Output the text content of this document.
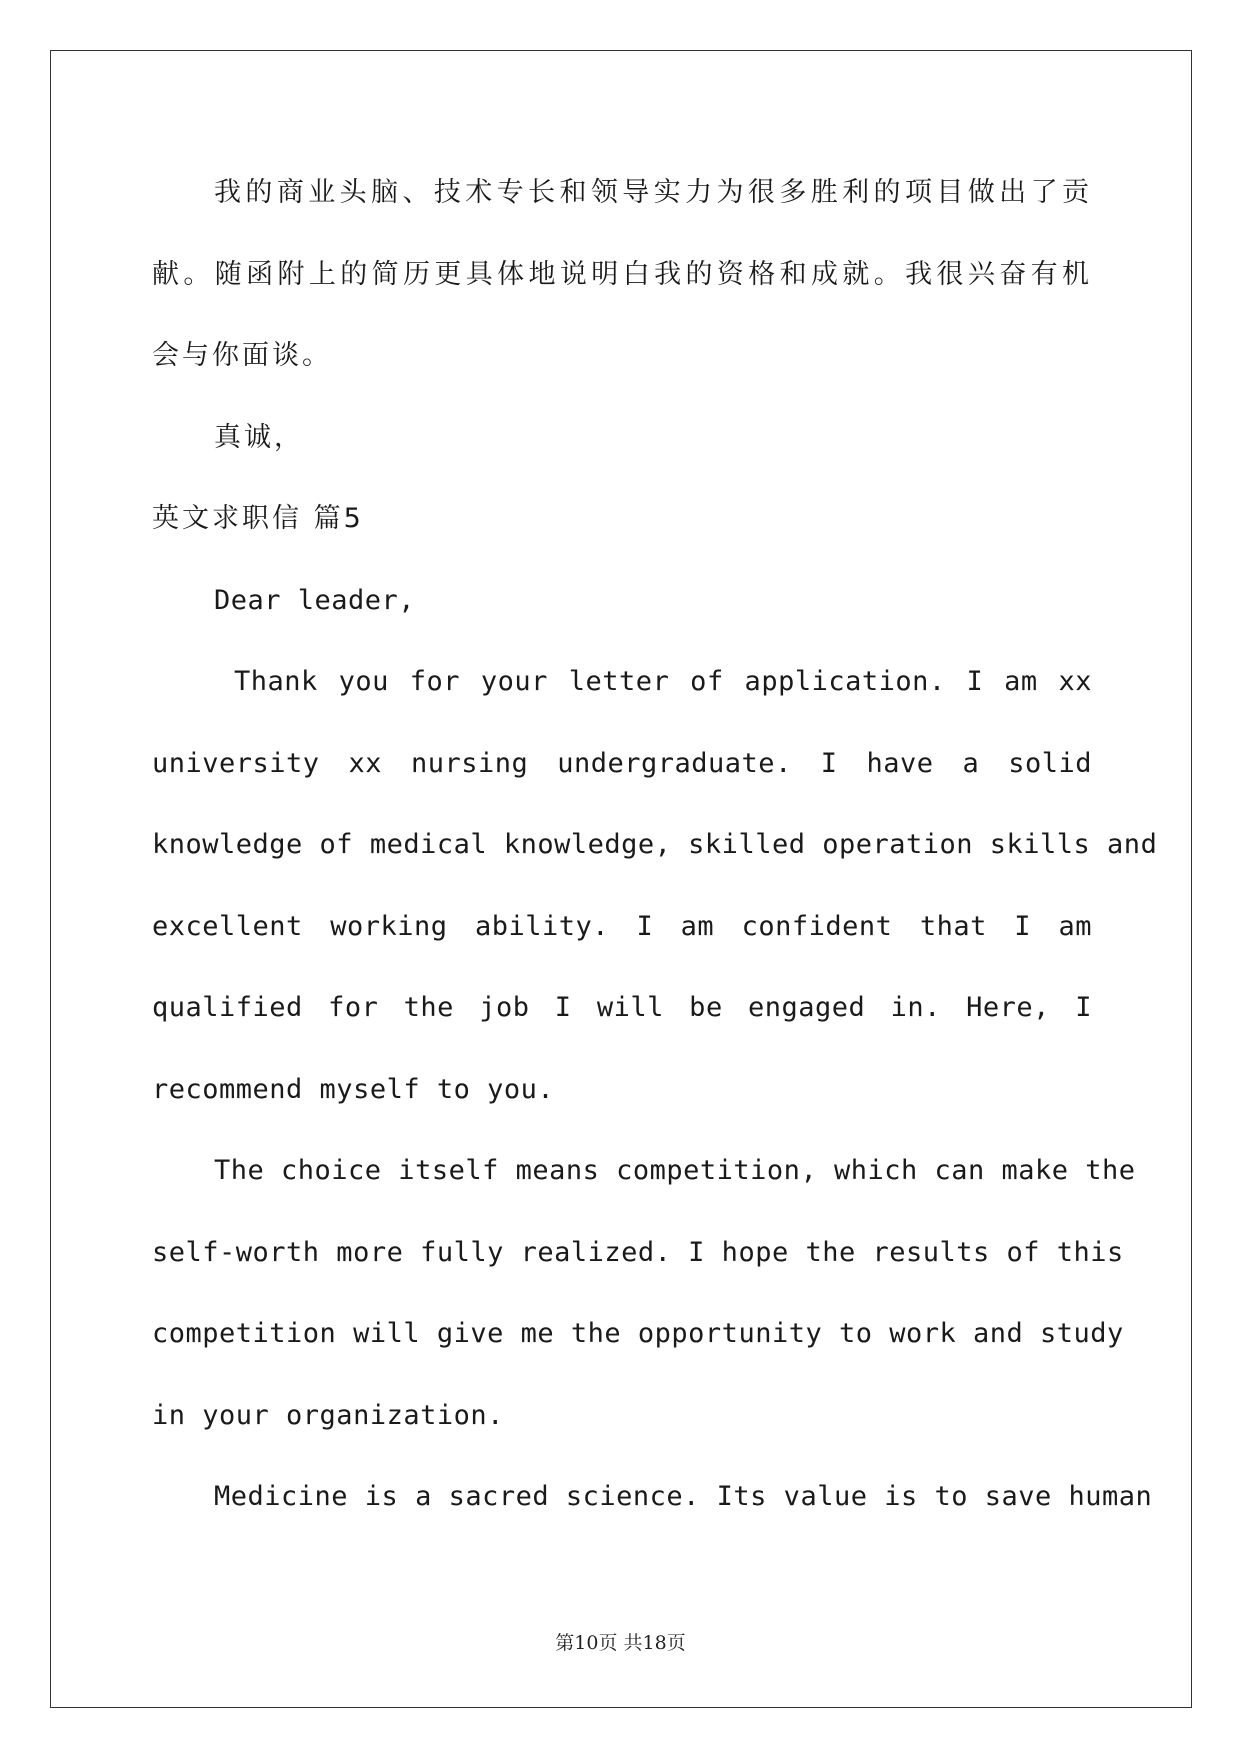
我的商业头脑、技术专长和领导实力为很多胜利的项目做出了贡
献。随函附上的简历更具体地说明白我的资格和成就。我很兴奋有机
会与你面谈。
真诚，
英文求职信 篇5
Dear leader,
Thank you for your letter of application. I am xx
university xx nursing undergraduate. I have a solid
knowledge of medical knowledge, skilled operation skills and
excellent working ability. I am confident that I am
qualified for the job I will be engaged in. Here, I
recommend myself to you.
The choice itself means competition, which can make the
self-worth more fully realized. I hope the results of this
competition will give me the opportunity to work and study
in your organization.
Medicine is a sacred science. Its value is to save human
第10页 共18页
